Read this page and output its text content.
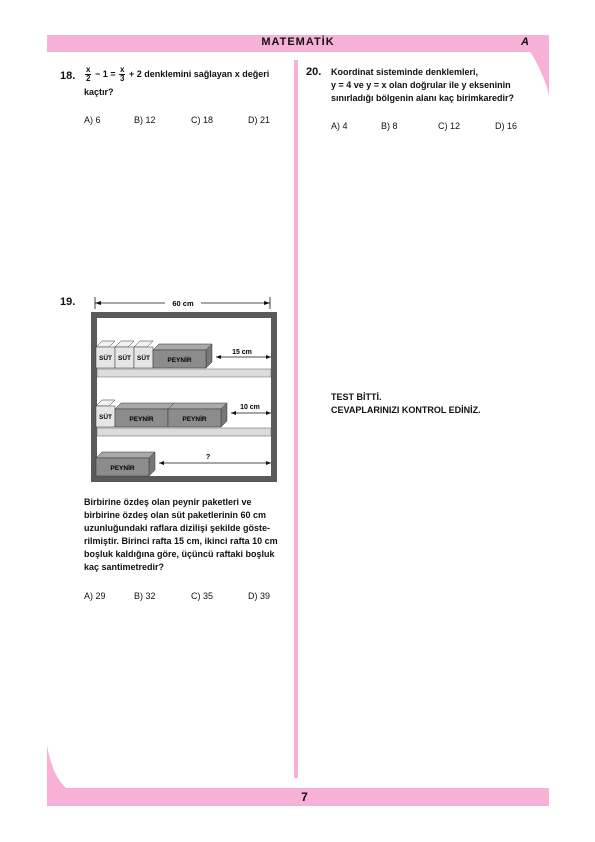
MATEMATİK	A
7
18. $\frac{x}{2} - 1 = \frac{x}{3} + 2$ denklemini sağlayan x değeri
kaçtır?
A) 6	B) 12	C) 18	D) 21
19.	60 cm
SÜT SÜT SÜT	PEYNİR
15 cm
SÜT	PEYNİR	PEYNİR
10 cm
PEYNİR
?
Birbirine özdeş olan peynir paketleri ve
birbirine özdeş olan süt paketlerinin 60 cm
uzunluğundaki raflara dizilişi şekilde göste-
rilmiştir. Birinci rafta 15 cm, ikinci rafta 10 cm
boşluk kaldığına göre, üçüncü raftaki boşluk
kaç santimetredir?
A) 29	B) 32	C) 35	D) 39
20. Koordinat sisteminde denklemleri,
y = 4 ve y = x olan doğrular ile y ekseninin
sınırladığı bölgenin alanı kaç birimkaredir?
A) 4	B) 8	C) 12	D) 16
TEST BİTTİ.
CEVAPLARINIZI KONTROL EDİNİZ.
